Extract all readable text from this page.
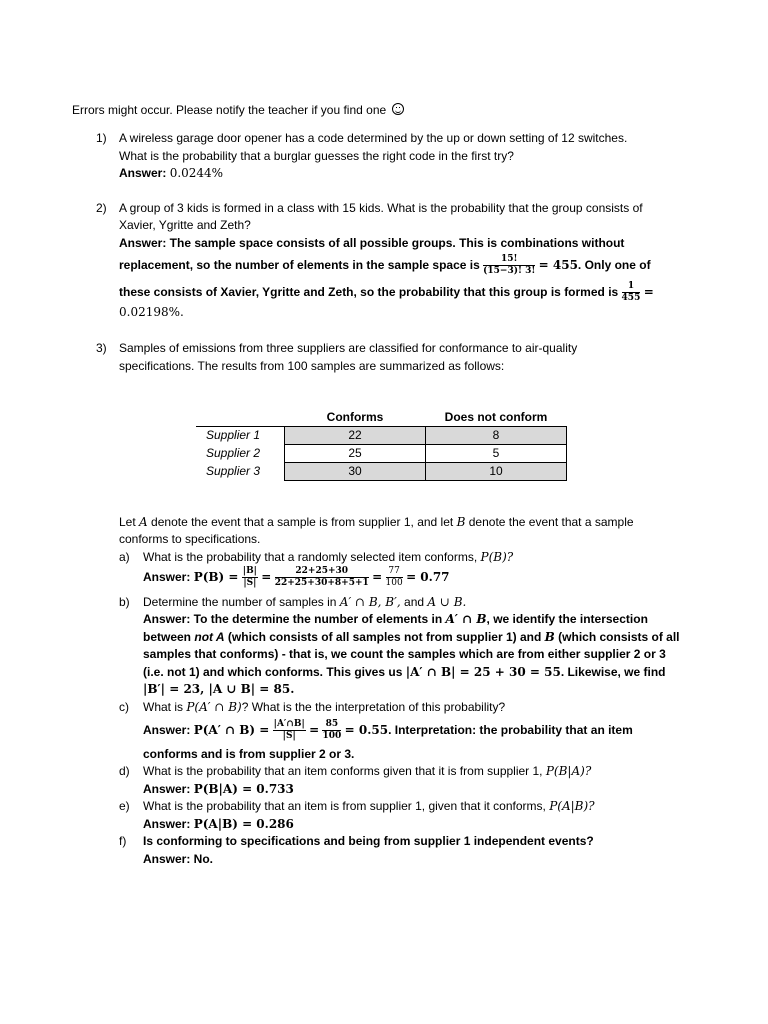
Errors might occur. Please notify the teacher if you find one
1) A wireless garage door opener has a code determined by the up or down setting of 12 switches.
What is the probability that a burglar guesses the right code in the first try?
Answer: 0.0244%
2) A group of 3 kids is formed in a class with 15 kids. What is the probability that the group consists of
Xavier, Ygritte and Zeth?
Answer: The sample space consists of all possible groups. This is combinations without
replacement, so the number of elements in the sample space is $\frac{15!}{(15-3)! 3!} = 455$. Only one of
these consists of Xavier, Ygritte and Zeth, so the probability that this group is formed is $\frac{1}{455}$ =
0.02198%.
3) Samples of emissions from three suppliers are classified for conformance to air-quality
specifications. The results from 100 samples are summarized as follows:
	Conforms	Does not conform
Supplier 1	22	8
Supplier 2	25	5
Supplier 3	30	10
Let A denote the event that a sample is from supplier 1, and let B denote the event that a sample
conforms to specifications.
a) What is the probability that a randomly selected item conforms, P(B)?
Answer: $P(B) = \frac{|B|}{|S|} = \frac{22+25+30}{22+25+30+8+5+1} = \frac{77}{100} = 0.77$
b) Determine the number of samples in A′ ∩ B, B′, and A ∪ B.
Answer: To the determine the number of elements in A′ ∩ B, we identify the intersection
between not A (which consists of all samples not from supplier 1) and B (which consists of all
samples that conforms) - that is, we count the samples which are from either supplier 2 or 3
(i.e. not 1) and which conforms. This gives us |A′ ∩ B| = 25 + 30 = 55. Likewise, we find
|B′| = 23, |A ∪ B| = 85.
c) What is P(A′ ∩ B)? What is the the interpretation of this probability?
Answer: P(A′ ∩ $B) = \frac{|A'\cap B|}{|S|} = \frac{85}{100} = 0.55$. Interpretation: the probability that an item
conforms and is from supplier 2 or 3.
d) What is the probability that an item conforms given that it is from supplier 1, P(B|A)?
Answer: P(B|A) = 0.733
e) What is the probability that an item is from supplier 1, given that it conforms, P(A|B)?
Answer: P(A|B) = 0.286
f) Is conforming to specifications and being from supplier 1 independent events?
Answer: No.
